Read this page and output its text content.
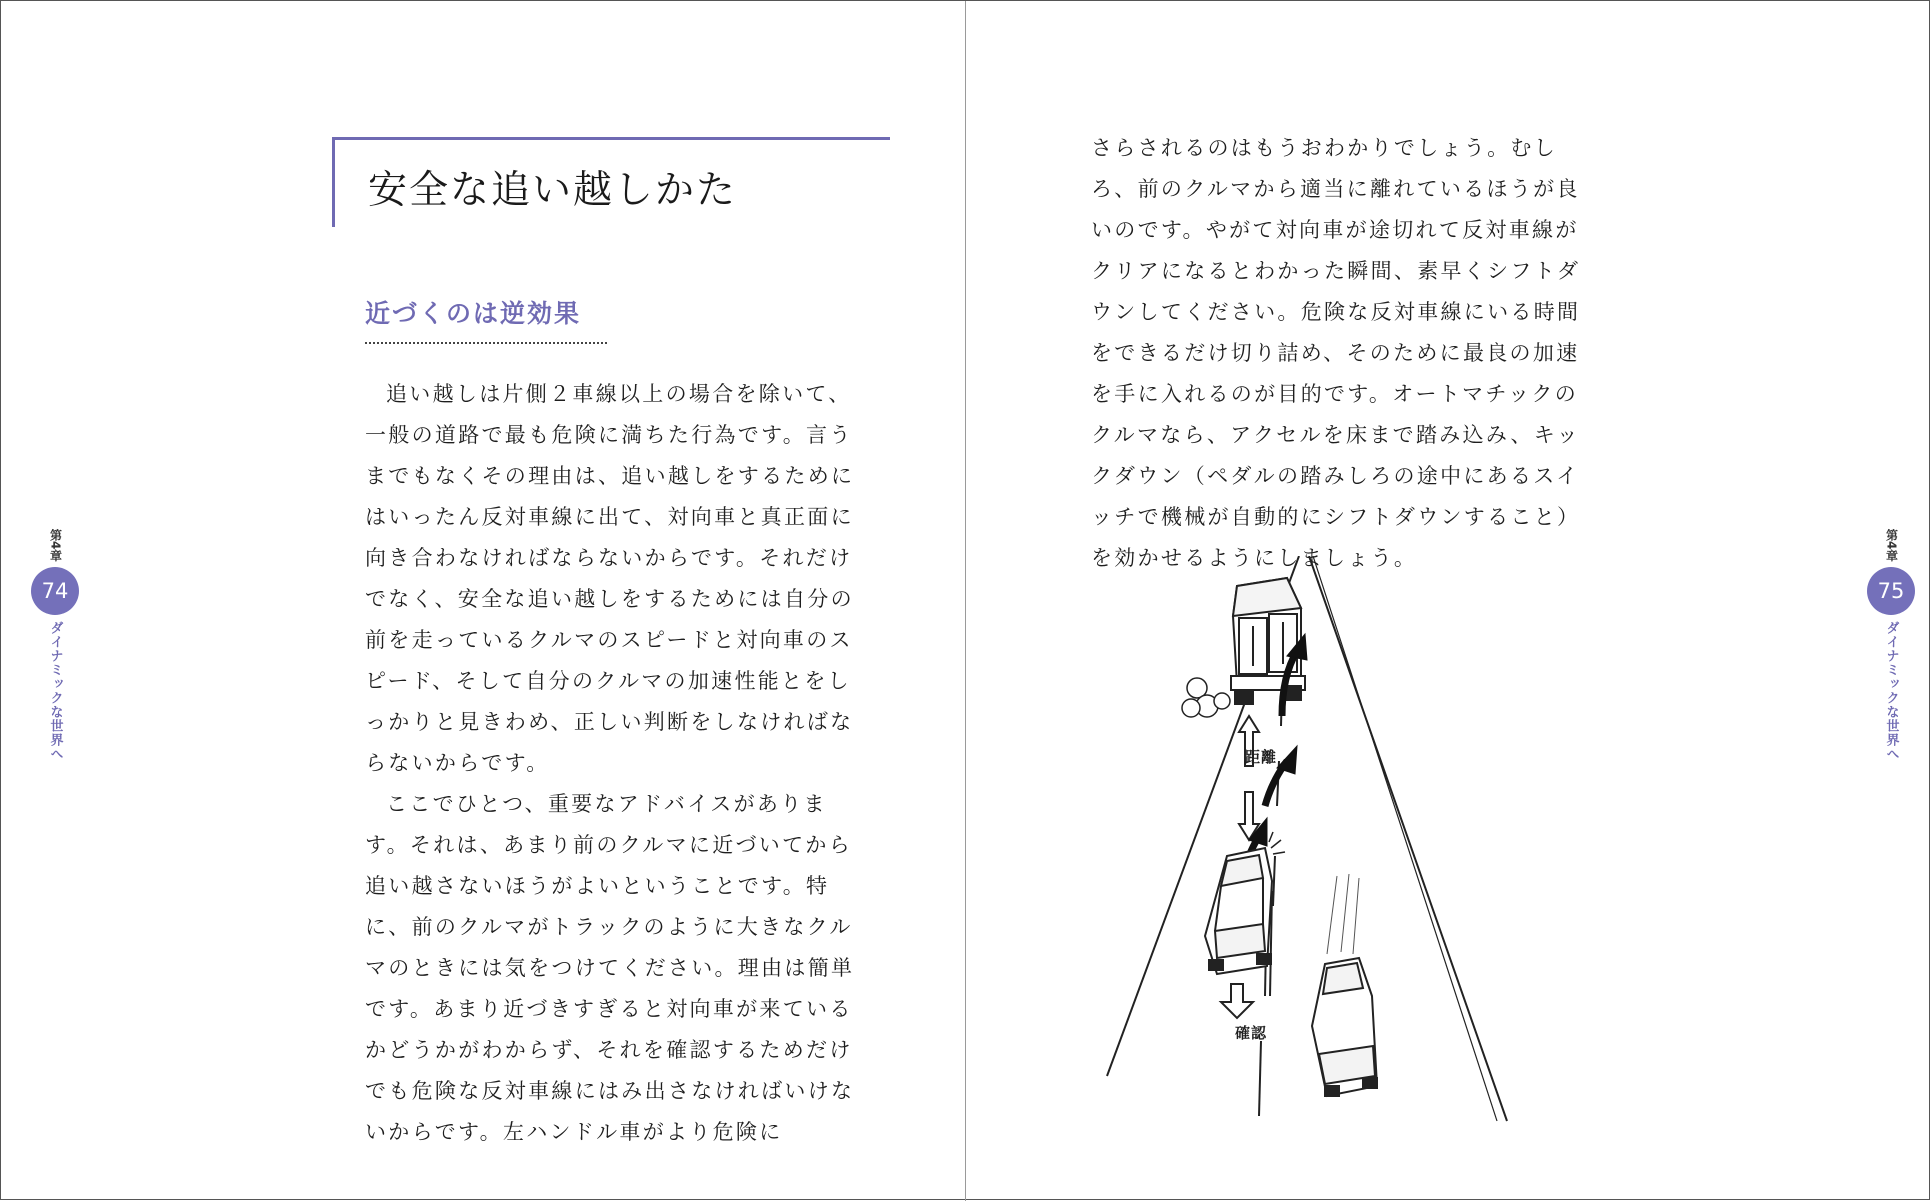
安全な追い越しかた
近づくのは逆効果

追い越しは片側２車線以上の場合を除いて、一般の道路で最も危険に満ちた行為です。言うまでもなくその理由は、追い越しをするためにはいったん反対車線に出て、対向車と真正面に向き合わなければならないからです。それだけでなく、安全な追い越しをするためには自分の前を走っているクルマのスピードと対向車のスピード、そして自分のクルマの加速性能とをしっかりと見きわめ、正しい判断をしなければならないからです。

ここでひとつ、重要なアドバイスがあります。それは、あまり前のクルマに近づいてから追い越さないほうがよいということです。特に、前のクルマがトラックのように大きなクルマのときには気をつけてください。理由は簡単です。あまり近づきすぎると対向車が来ているかどうかがわからず、それを確認するためだけでも危険な反対車線にはみ出さなければいけないからです。左ハンドル車がより危険に

第4章
74
ダイナミックな世界へ

さらされるのはもうおわかりでしょう。むしろ、前のクルマから適当に離れているほうが良いのです。やがて対向車が途切れて反対車線がクリアになるとわかった瞬間、素早くシフトダウンしてください。危険な反対車線にいる時間をできるだけ切り詰め、そのために最良の加速を手に入れるのが目的です。オートマチックのクルマなら、アクセルを床まで踏み込み、キックダウン（ペダルの踏みしろの途中にあるスイッチで機械が自動的にシフトダウンすること）を効かせるようにしましょう。	第4章
75
ダイナミックな世界へ
距離
確認
